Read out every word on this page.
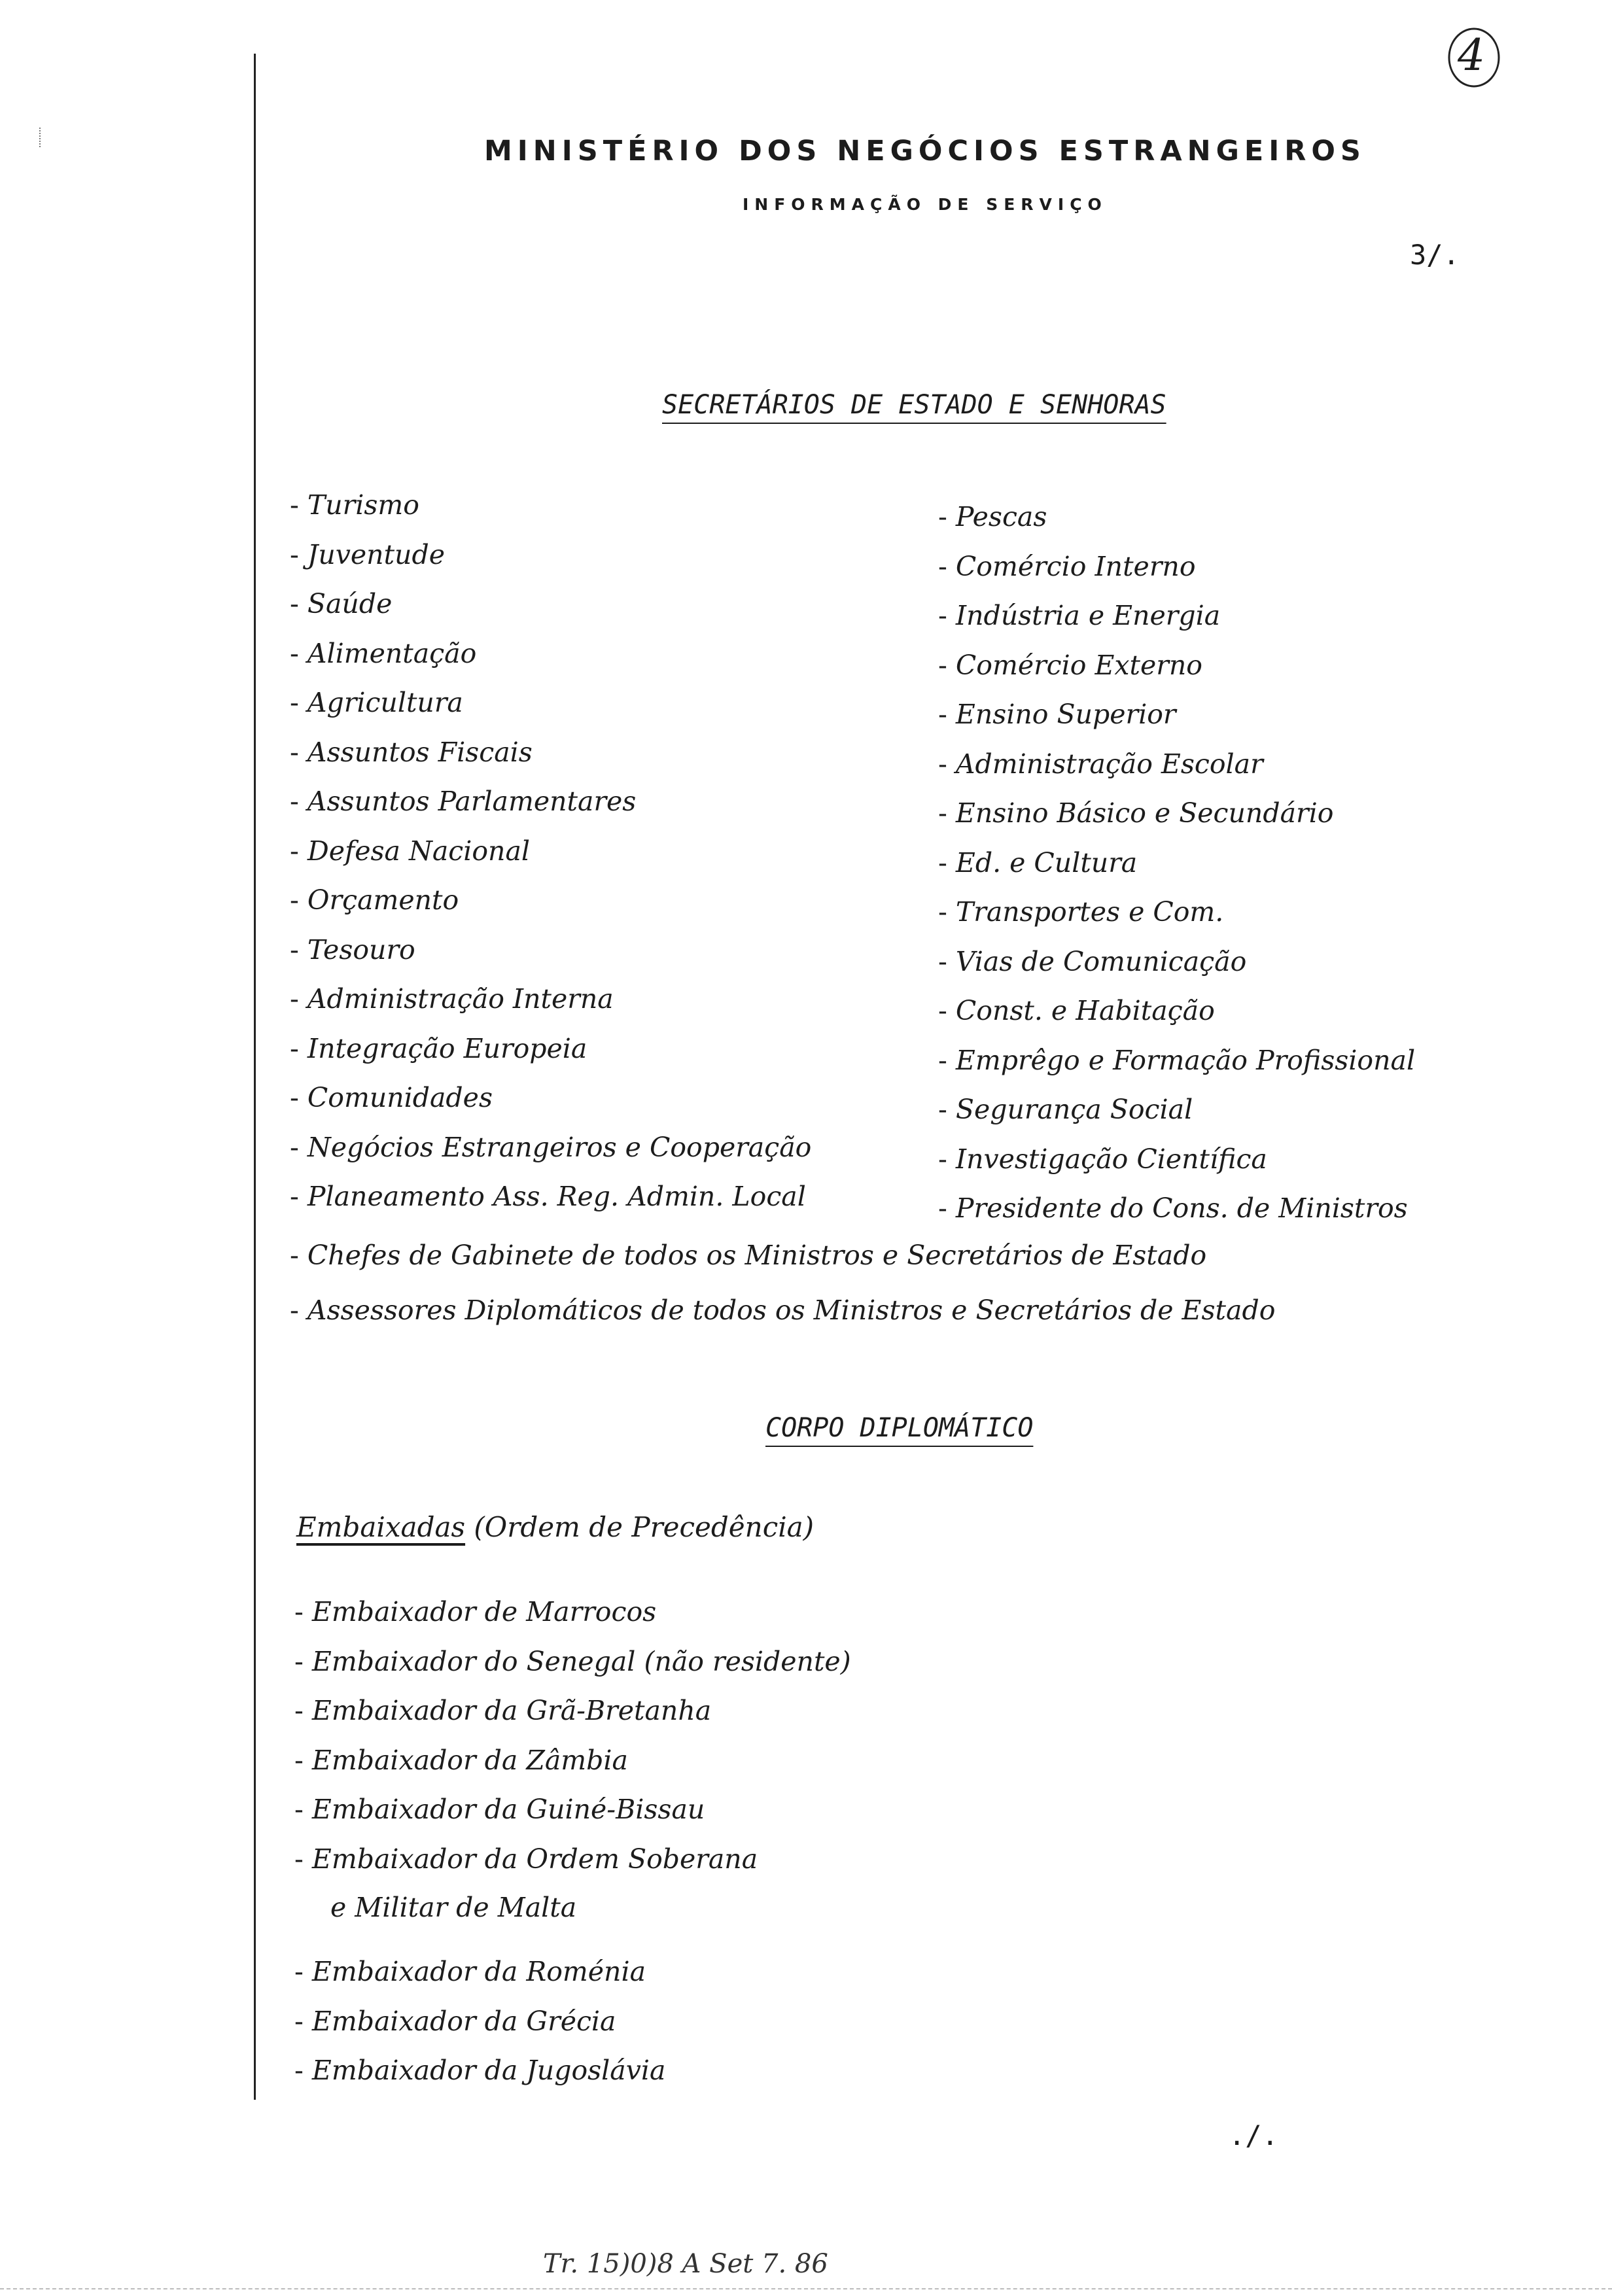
4
MINISTÉRIO DOS NEGÓCIOS ESTRANGEIROS
INFORMAÇÃO DE SERVIÇO
3/.
SECRETÁRIOS DE ESTADO E SENHORAS
- Turismo
- Juventude
- Saúde
- Alimentação
- Agricultura
- Assuntos Fiscais
- Assuntos Parlamentares
- Defesa Nacional
- Orçamento
- Tesouro
- Administração Interna
- Integração Europeia
- Comunidades
- Negócios Estrangeiros e Cooperação
- Planeamento Ass. Reg. Admin. Local
- Pescas
- Comércio Interno
- Indústria e Energia
- Comércio Externo
- Ensino Superior
- Administração Escolar
- Ensino Básico e Secundário
- Ed. e Cultura
- Transportes e Com.
- Vias de Comunicação
- Const. e Habitação
- Emprêgo e Formação Profissional
- Segurança Social
- Investigação Científica
- Presidente do Cons. de Ministros
- Chefes de Gabinete de todos os Ministros e Secretários de Estado
- Assessores Diplomáticos de todos os Ministros e Secretários de Estado
CORPO DIPLOMÁTICO
Embaixadas (Ordem de Precedência)
- Embaixador de Marrocos
- Embaixador do Senegal (não residente)
- Embaixador da Grã-Bretanha
- Embaixador da Zâmbia
- Embaixador da Guiné-Bissau
- Embaixador da Ordem Soberana
e Militar de Malta
- Embaixador da Roménia
- Embaixador da Grécia
- Embaixador da Jugoslávia
./.
Tr. 15)0)8 A Set 7. 86
